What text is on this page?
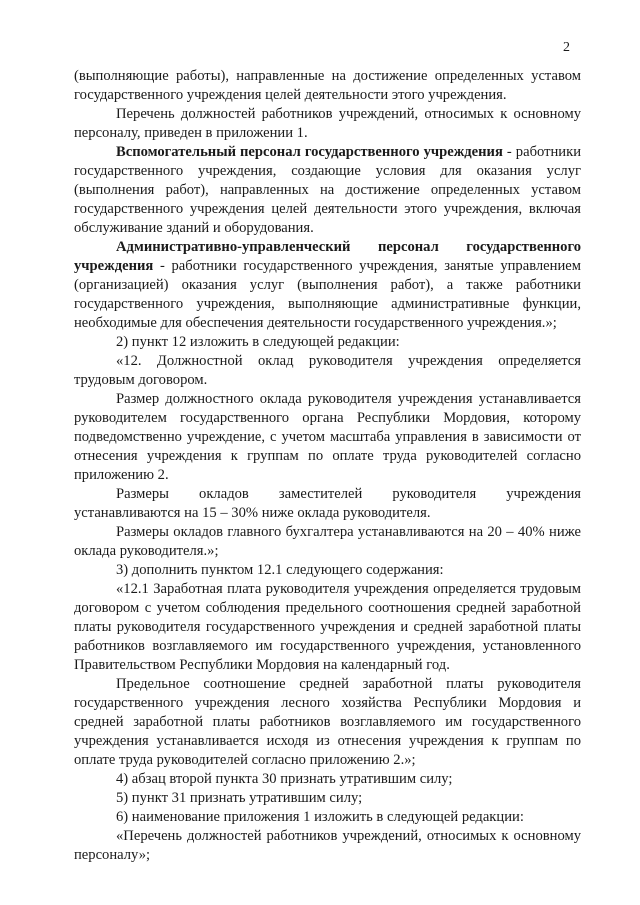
2

(выполняющие работы), направленные на достижение определенных уставом государственного учреждения целей деятельности этого учреждения.

Перечень должностей работников учреждений, относимых к основному персоналу, приведен в приложении 1.

Вспомогательный персонал государственного учреждения - работники государственного учреждения, создающие условия для оказания услуг (выполнения работ), направленных на достижение определенных уставом государственного учреждения целей деятельности этого учреждения, включая обслуживание зданий и оборудования.

Административно-управленческий персонал государственного учреждения - работники государственного учреждения, занятые управлением (организацией) оказания услуг (выполнения работ), а также работники государственного учреждения, выполняющие административные функции, необходимые для обеспечения деятельности государственного учреждения.»;

2) пункт 12 изложить в следующей редакции:

«12. Должностной оклад руководителя учреждения определяется трудовым договором.

Размер должностного оклада руководителя учреждения устанавливается руководителем государственного органа Республики Мордовия, которому подведомственно учреждение, с учетом масштаба управления в зависимости от отнесения учреждения к группам по оплате труда руководителей согласно приложению 2.

Размеры окладов заместителей руководителя учреждения устанавливаются на 15 – 30% ниже оклада руководителя.

Размеры окладов главного бухгалтера устанавливаются на 20 – 40% ниже оклада руководителя.»;

3) дополнить пунктом 12.1 следующего содержания:

«12.1 Заработная плата руководителя учреждения определяется трудовым договором с учетом соблюдения предельного соотношения средней заработной платы руководителя государственного учреждения и средней заработной платы работников возглавляемого им государственного учреждения, установленного Правительством Республики Мордовия на календарный год.

Предельное соотношение средней заработной платы руководителя государственного учреждения лесного хозяйства Республики Мордовия и средней заработной платы работников возглавляемого им государственного учреждения устанавливается исходя из отнесения учреждения к группам по оплате труда руководителей согласно приложению 2.»;

4) абзац второй пункта 30 признать утратившим силу;

5) пункт 31 признать утратившим силу;

6) наименование приложения 1 изложить в следующей редакции:

«Перечень должностей работников учреждений, относимых к основному персоналу»;
